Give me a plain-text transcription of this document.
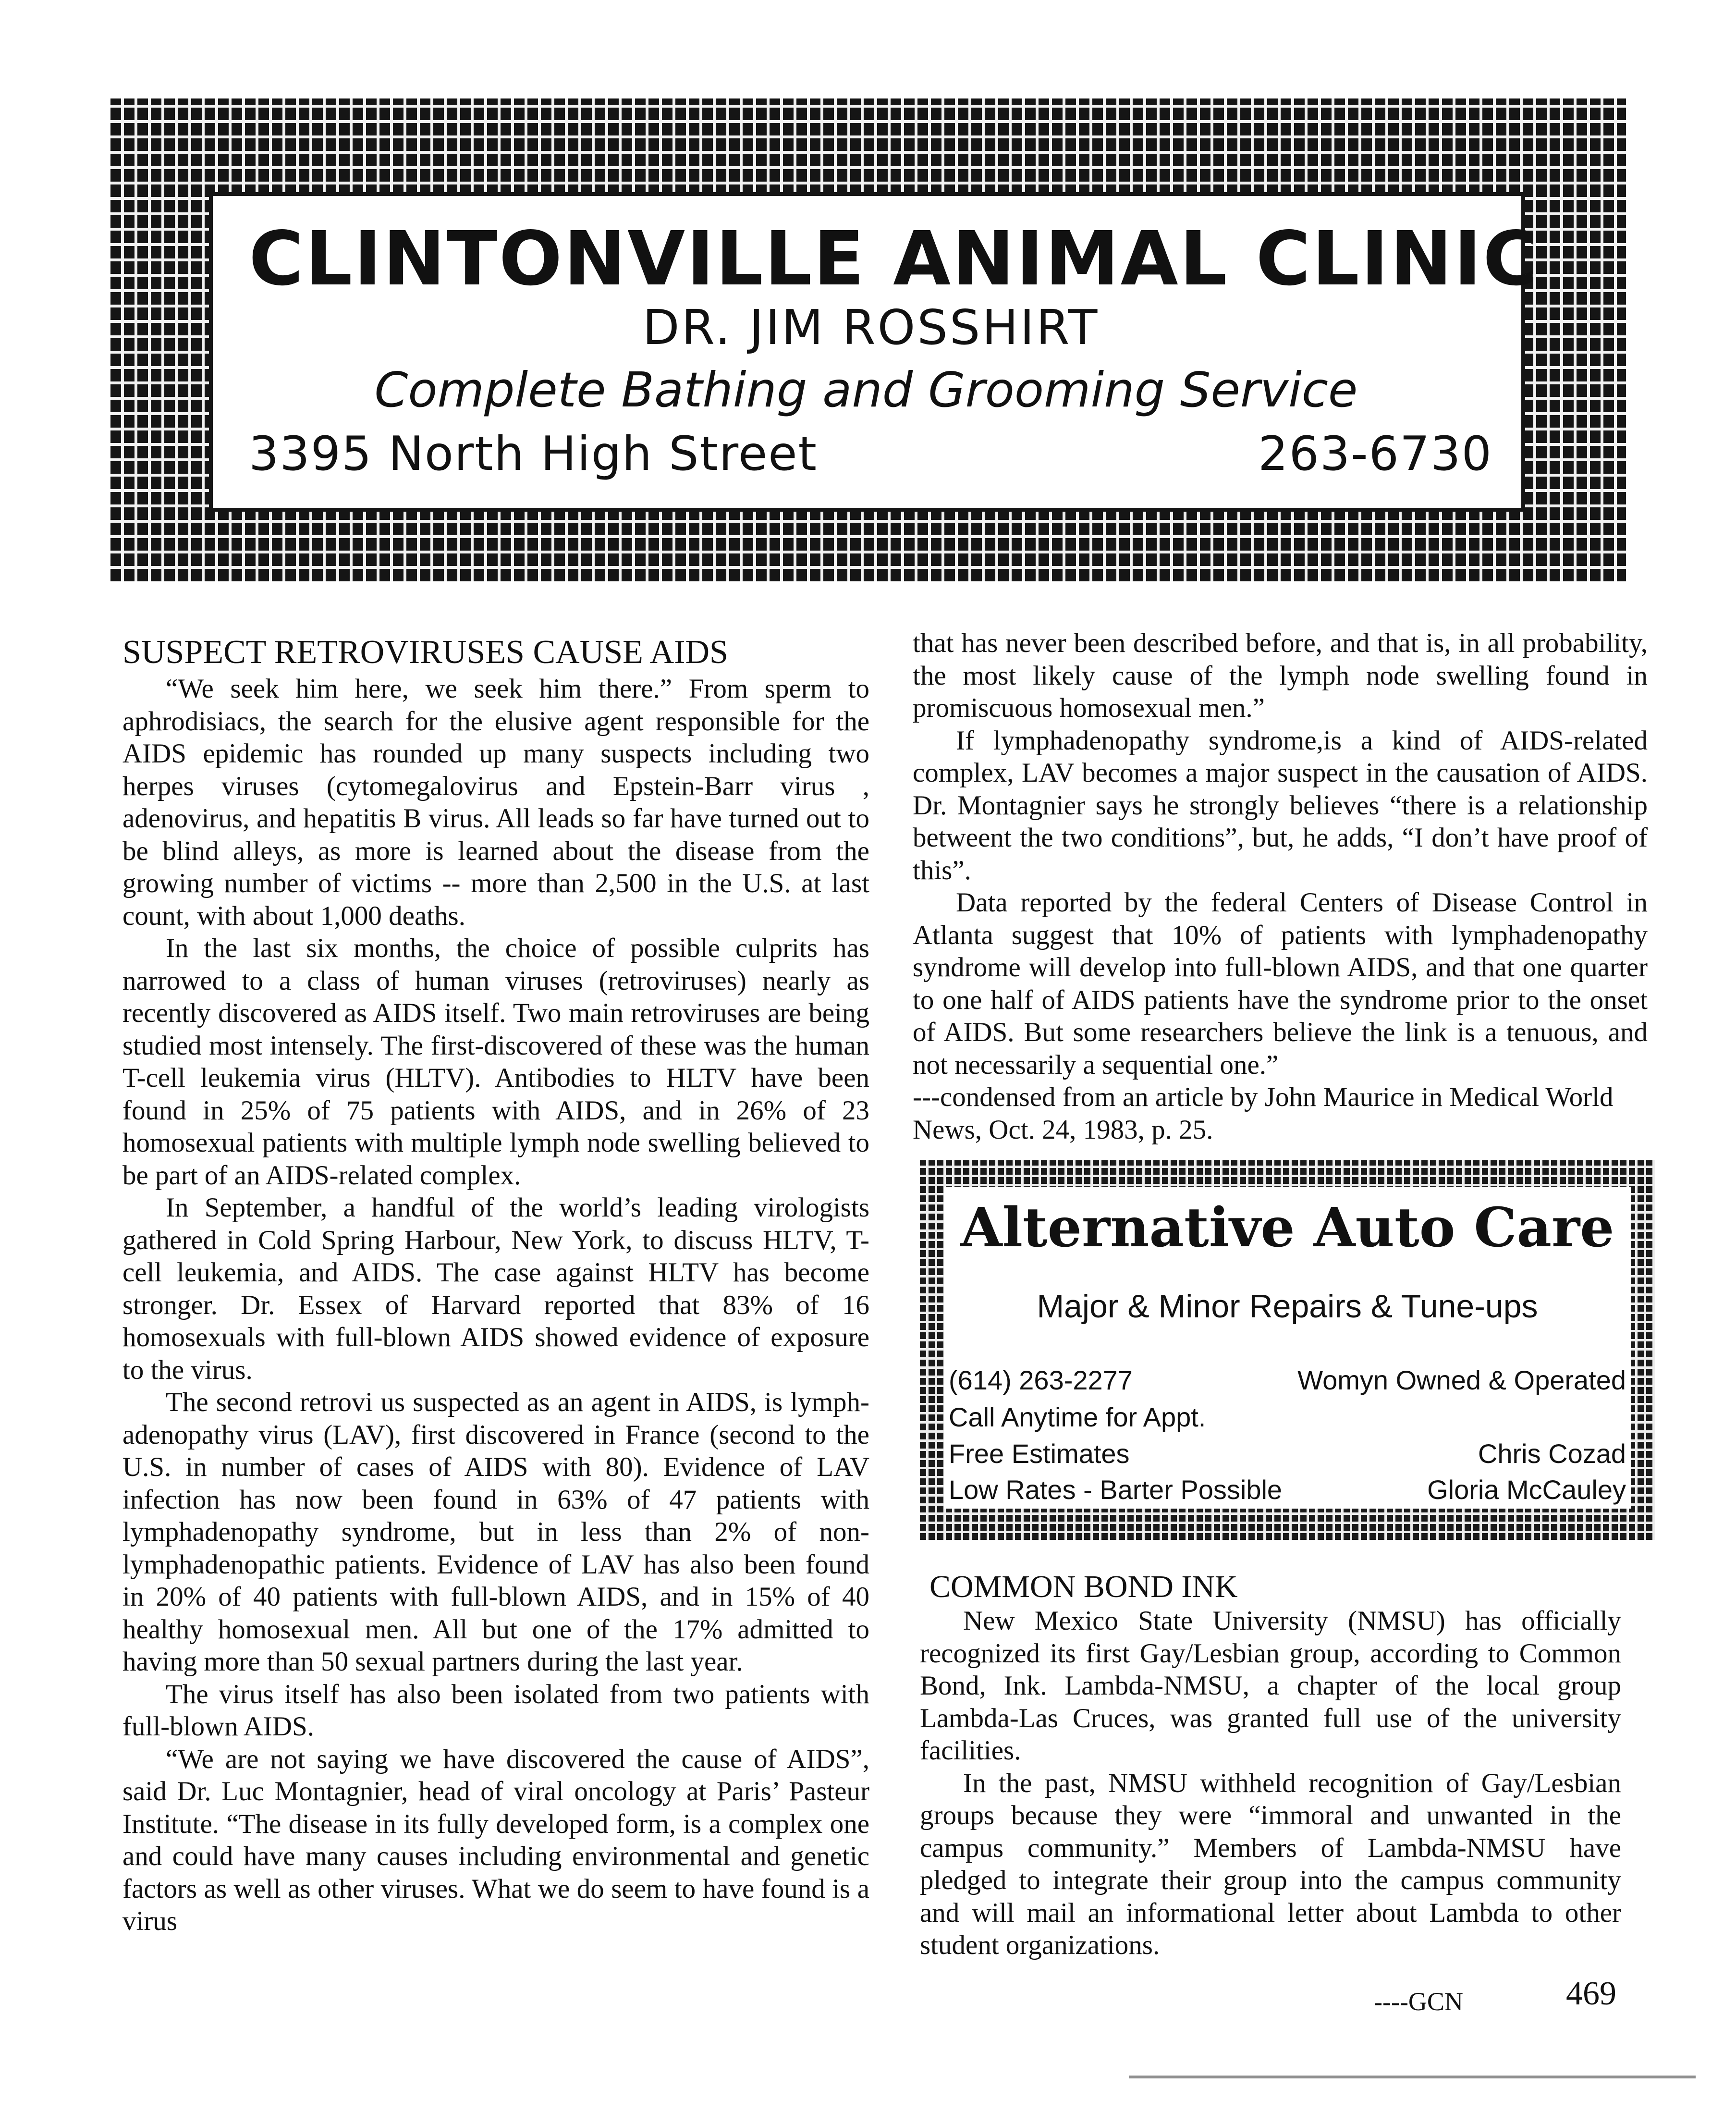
CLINTONVILLE ANIMAL CLINIC
DR. JIM ROSSHIRT
Complete Bathing and Grooming Service
3395 North High Street	263-6730
SUSPECT RETROVIRUSES CAUSE AIDS

“We seek him here, we seek him there.” From sperm to aphrodisiacs, the search for the elusive agent responsible for the AIDS epidemic has rounded up many suspects including two herpes viruses (cytomegalovirus and Epstein-Barr virus , adenovirus, and hepatitis B virus. All leads so far have turned out to be blind alleys, as more is learned about the disease from the growing number of victims -- more than 2,500 in the U.S. at last count, with about 1,000 deaths.

In the last six months, the choice of possible culprits has narrowed to a class of human viruses (retroviruses) nearly as recently discovered as AIDS itself. Two main retroviruses are being studied most intensely. The first-discovered of these was the human T-cell leukemia virus (HLTV). Antibodies to HLTV have been found in 25% of 75 patients with AIDS, and in 26% of 23 homosexual patients with multiple lymph node swelling believed to be part of an AIDS-related complex.

In September, a handful of the world’s leading virologists gathered in Cold Spring Harbour, New York, to discuss HLTV, T-cell leukemia, and AIDS. The case against HLTV has become stronger. Dr. Essex of Harvard reported that 83% of 16 homosexuals with full-blown AIDS showed evidence of exposure to the virus.

The second retrovi us suspected as an agent in AIDS, is lymph-adenopathy virus (LAV), first discovered in France (second to the U.S. in number of cases of AIDS with 80). Evidence of LAV infection has now been found in 63% of 47 patients with lymphadenopathy syndrome, but in less than 2% of non-lymphadenopathic patients. Evidence of LAV has also been found in 20% of 40 patients with full-blown AIDS, and in 15% of 40 healthy homosexual men. All but one of the 17% admitted to having more than 50 sexual partners during the last year.

The virus itself has also been isolated from two patients with full-blown AIDS.

“We are not saying we have discovered the cause of AIDS”, said Dr. Luc Montagnier, head of viral oncology at Paris’ Pasteur Institute. “The disease in its fully developed form, is a complex one and could have many causes including environmental and genetic factors as well as other viruses. What we do seem to have found is a virus

that has never been described before, and that is, in all probability, the most likely cause of the lymph node swelling found in promiscuous homosexual men.”

If lymphadenopathy syndrome,is a kind of AIDS-related complex, LAV becomes a major suspect in the causation of AIDS. Dr. Montagnier says he strongly believes “there is a relationship betweent the two conditions”, but, he adds, “I don’t have proof of this”.

Data reported by the federal Centers of Disease Control in Atlanta suggest that 10% of patients with lymphadenopathy syndrome will develop into full-blown AIDS, and that one quarter to one half of AIDS patients have the syndrome prior to the onset of AIDS. But some researchers believe the link is a tenuous, and not necessarily a sequential one.”

---condensed from an article by John Maurice in Medical World News, Oct. 24, 1983, p. 25.

Alternative Auto Care
Major & Minor Repairs & Tune-ups
(614) 263-2277	Womyn Owned & Operated
Call Anytime for Appt.
Free Estimates	Chris Cozad
Low Rates - Barter Possible	Gloria McCauley
COMMON BOND INK

New Mexico State University (NMSU) has officially recognized its first Gay/Lesbian group, according to Common Bond, Ink. Lambda-NMSU, a chapter of the local group Lambda-Las Cruces, was granted full use of the university facilities.

In the past, NMSU withheld recognition of Gay/Lesbian groups because they were “immoral and unwanted in the campus community.” Members of Lambda-NMSU have pledged to integrate their group into the campus community and will mail an informational letter about Lambda to other student organizations.

----GCN	469
